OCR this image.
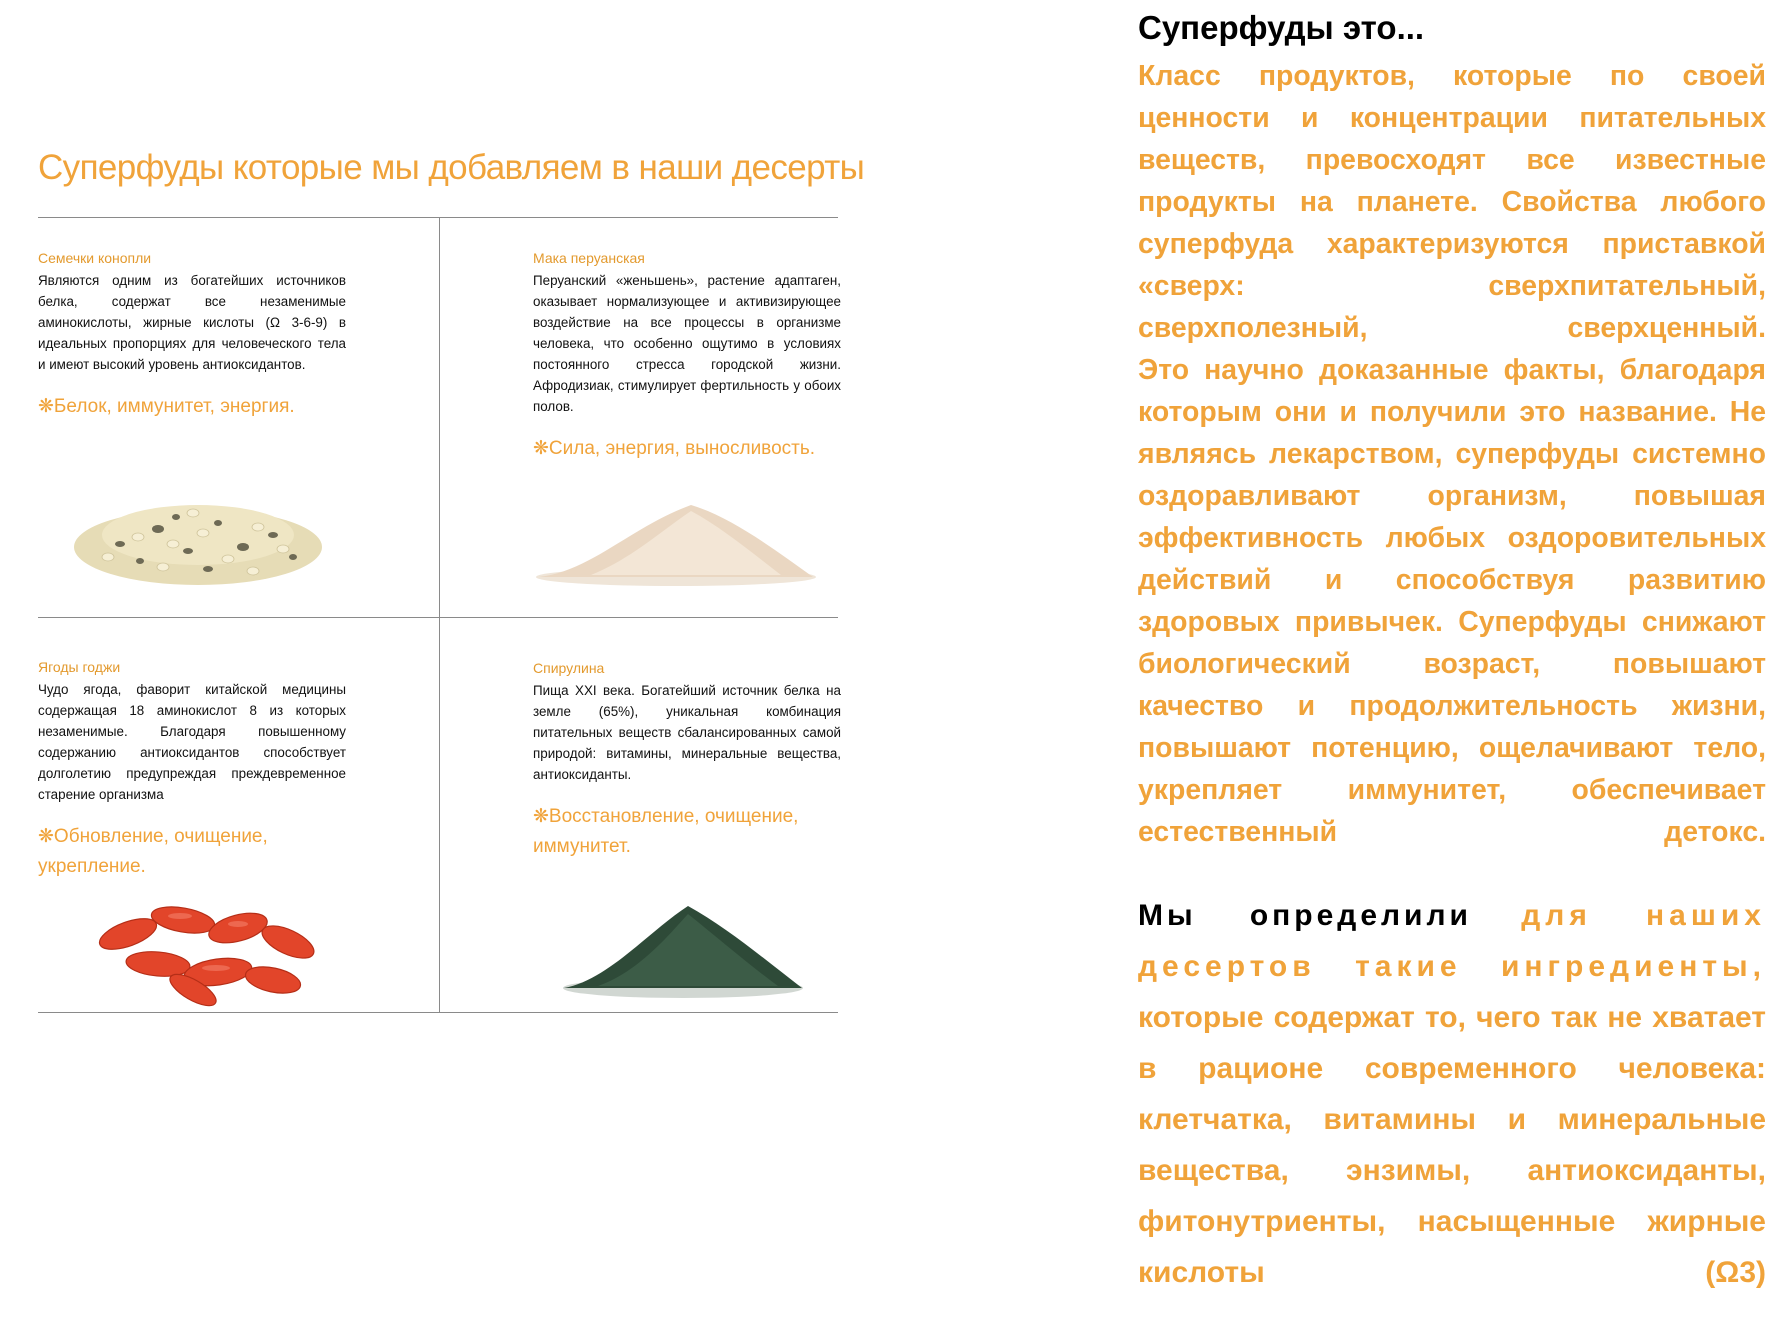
Суперфуды которые мы добавляем в наши десерты
Семечки конопли
Являются одним из богатейших источников белка, содержат все незаменимые аминокислоты, жирные кислоты (Ω 3-6-9) в идеальных пропорциях для человеческого тела и имеют высокий уровень антиоксидантов.
❋Белок, иммунитет, энергия.
Мака перуанская
Перуанский «женьшень», растение адаптаген, оказывает нормализующее и активизирующее воздействие на все процессы в организме человека, что особенно ощутимо в условиях постоянного стресса городской жизни. Афродизиак, стимулирует фертильность у обоих полов.
❋Сила, энергия, выносливость.
Ягоды годжи
Чудо ягода, фаворит китайской медицины содержащая 18 аминокислот 8 из которых незаменимые. Благодаря повышенному содержанию антиоксидантов способствует долголетию предупреждая преждевременное старение организма
❋Обновление, очищение, укрепление.
Спирулина
Пища XXI века. Богатейший источник белка на земле (65%), уникальная комбинация питательных веществ сбалансированных самой природой: витамины, минеральные вещества, антиоксиданты.
❋Восстановление, очищение, иммунитет.
Суперфуды это...

Класс продуктов, которые по своей ценности и концентрации питательных веществ, превосходят все известные продукты на планете. Свойства любого суперфуда характеризуются приставкой «сверх: сверхпитательный, сверхполезный, сверхценный.

Это научно доказанные факты, благодаря которым они и получили это название. Не являясь лекарством, суперфуды системно оздоравливают организм, повышая эффективность любых оздоровительных действий и способствуя развитию здоровых привычек. Суперфуды снижают биологический возраст, повышают качество и продолжительность жизни, повышают потенцию, ощелачивают тело, укрепляет иммунитет, обеспечивает естественный детокс.

Мы определили для наших десертов такие ингредиенты, которые содержат то, чего так не хватает в рационе современного человека: клетчатка, витамины и минеральные вещества, энзимы, антиоксиданты, фитонутриенты, насыщенные жирные кислоты (Ω3)
